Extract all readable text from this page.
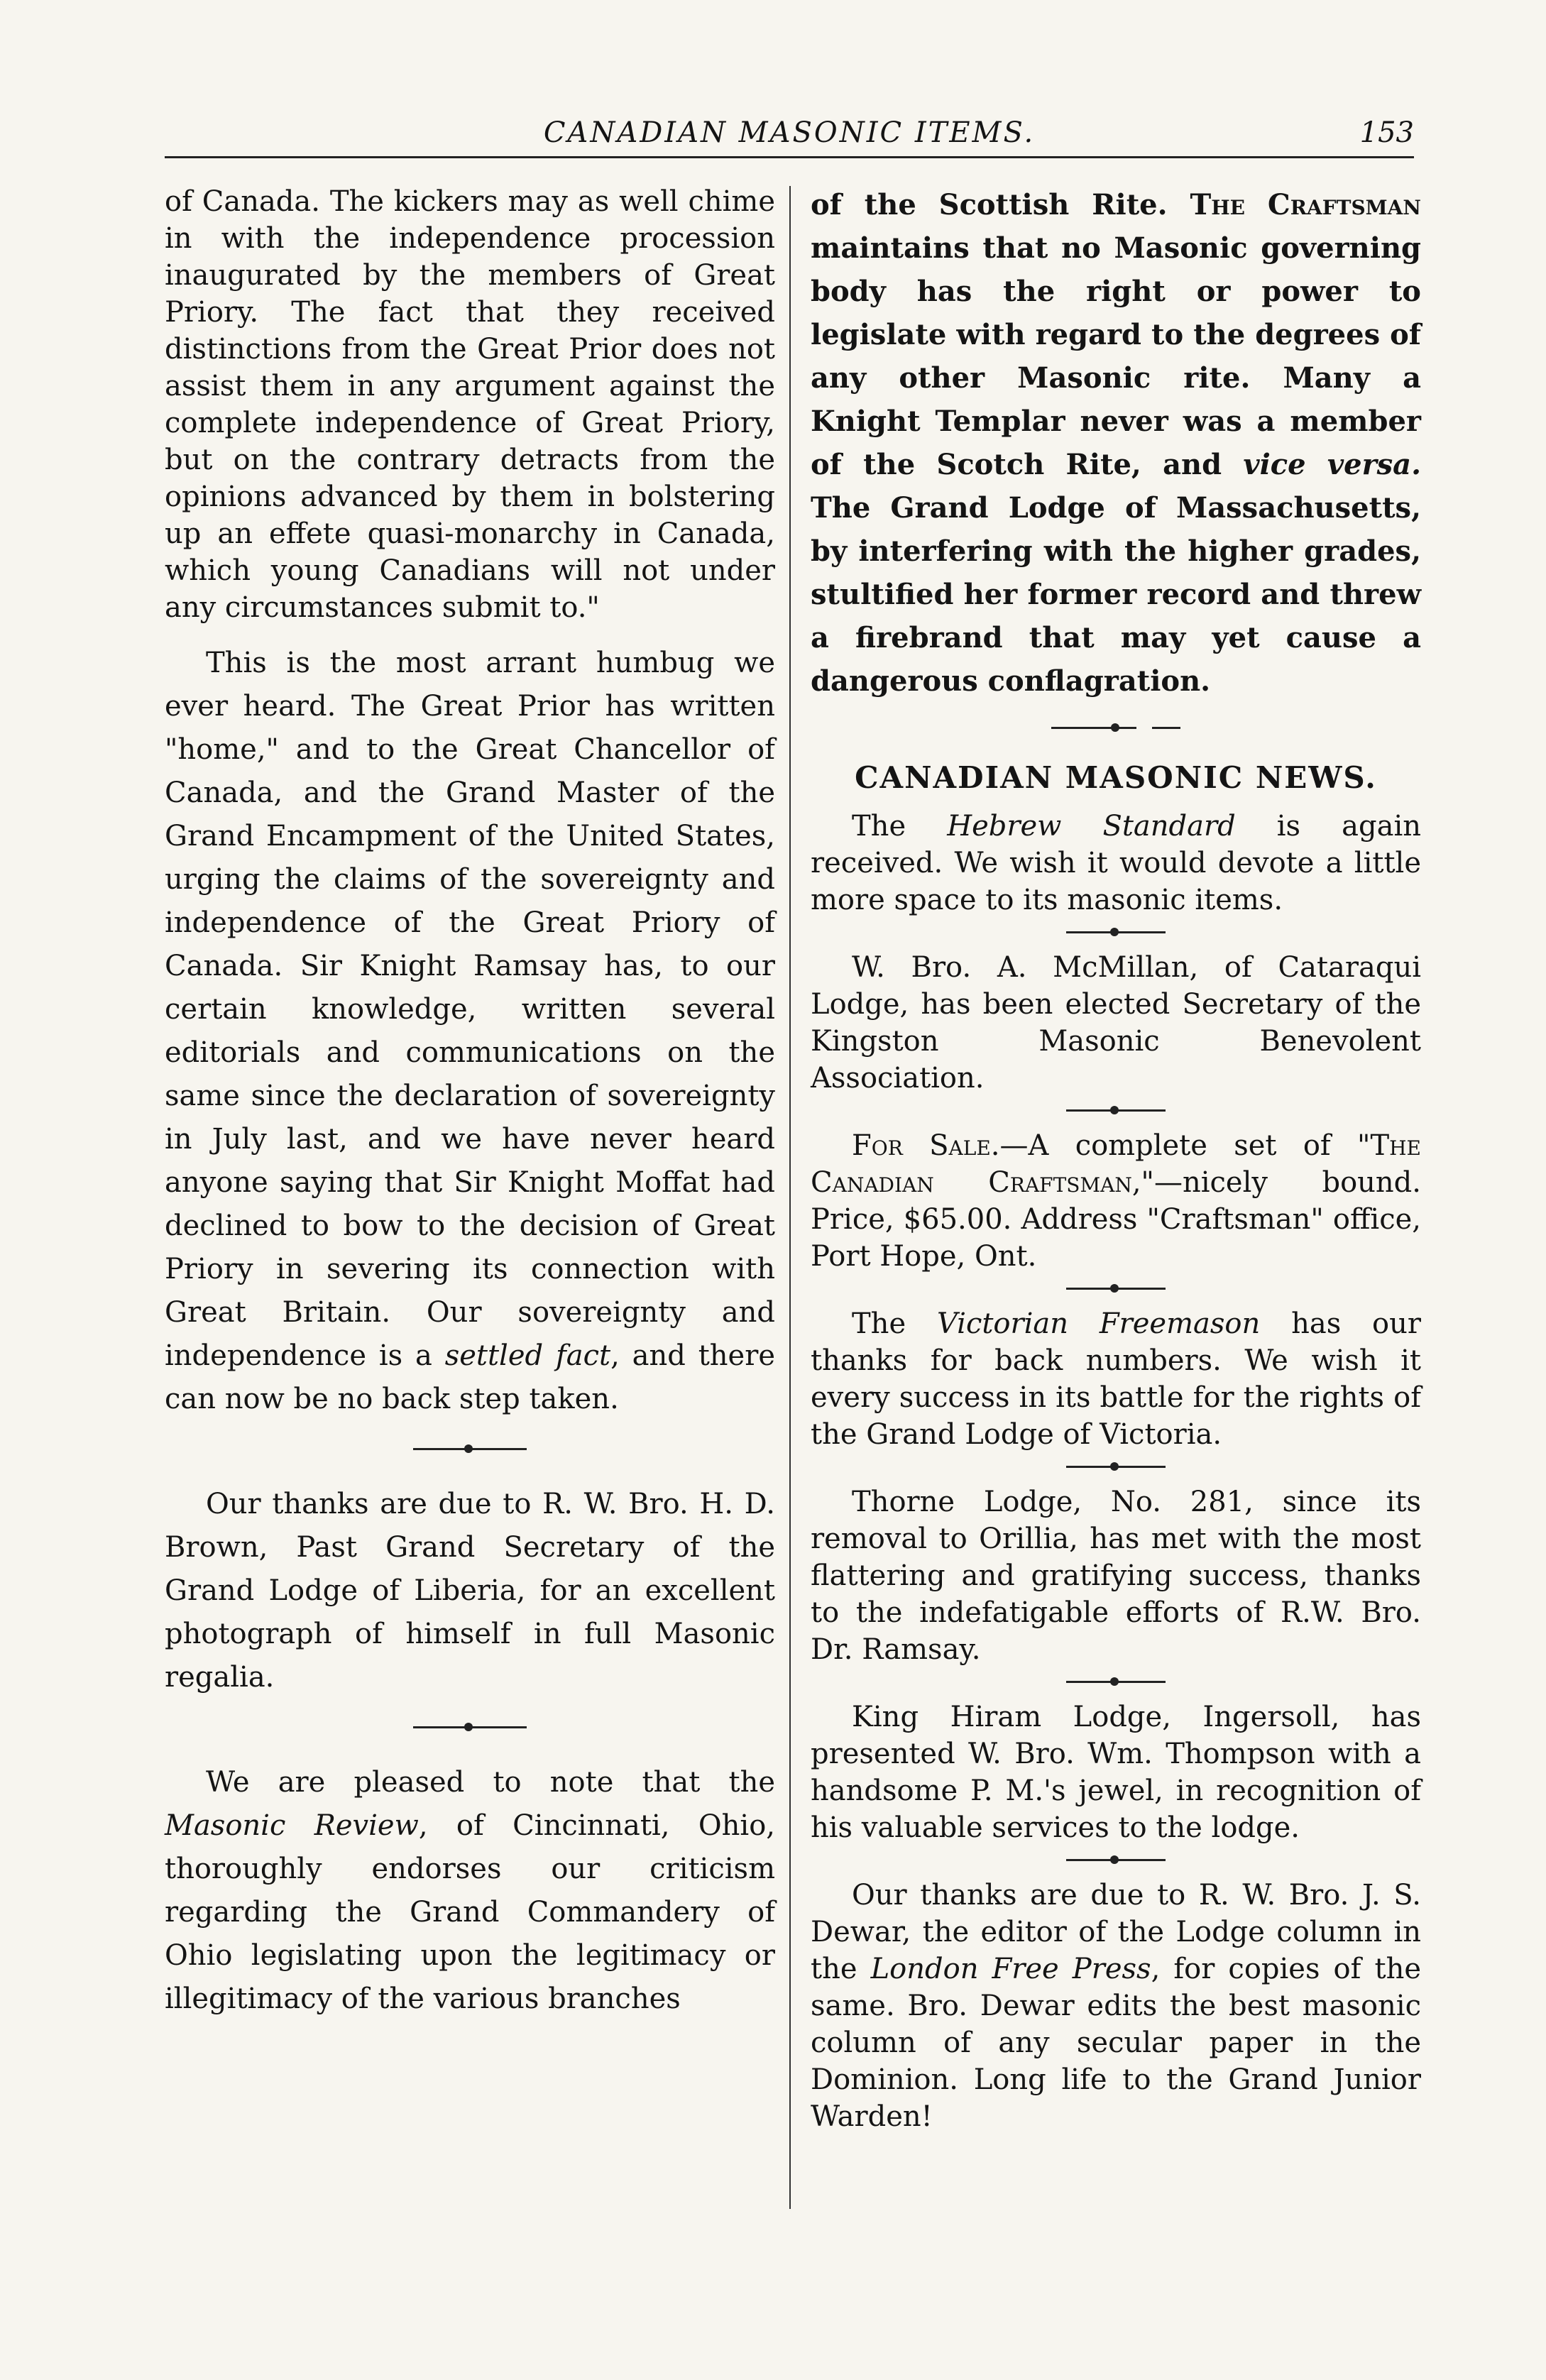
CANADIAN MASONIC ITEMS.	153

of Canada. The kickers may as well chime in with the independence procession inaugurated by the members of Great Priory. The fact that they received distinctions from the Great Prior does not assist them in any argument against the complete independence of Great Priory, but on the contrary detracts from the opinions advanced by them in bolstering up an effete quasi-monarchy in Canada, which young Canadians will not under any circumstances submit to."

This is the most arrant humbug we ever heard. The Great Prior has written "home," and to the Great Chancellor of Canada, and the Grand Master of the Grand Encampment of the United States, urging the claims of the sovereignty and independence of the Great Priory of Canada. Sir Knight Ramsay has, to our certain knowledge, written several editorials and communications on the same since the declaration of sovereignty in July last, and we have never heard anyone saying that Sir Knight Moffat had declined to bow to the decision of Great Priory in severing its connection with Great Britain. Our sovereignty and independence is a settled fact, and there can now be no back step taken.

Our thanks are due to R. W. Bro. H. D. Brown, Past Grand Secretary of the Grand Lodge of Liberia, for an excellent photograph of himself in full Masonic regalia.

We are pleased to note that the Masonic Review, of Cincinnati, Ohio, thoroughly endorses our criticism regarding the Grand Commandery of Ohio legislating upon the legitimacy or illegitimacy of the various branches

of the Scottish Rite. The Craftsman maintains that no Masonic governing body has the right or power to legislate with regard to the degrees of any other Masonic rite. Many a Knight Templar never was a member of the Scotch Rite, and vice versa. The Grand Lodge of Massachusetts, by interfering with the higher grades, stultified her former record and threw a firebrand that may yet cause a dangerous conflagration.

CANADIAN MASONIC NEWS.

The Hebrew Standard is again received. We wish it would devote a little more space to its masonic items.

W. Bro. A. McMillan, of Cataraqui Lodge, has been elected Secretary of the Kingston Masonic Benevolent Association.

For Sale.—A complete set of "The Canadian Craftsman,"—nicely bound. Price, $65.00. Address "Craftsman" office, Port Hope, Ont.

The Victorian Freemason has our thanks for back numbers. We wish it every success in its battle for the rights of the Grand Lodge of Victoria.

Thorne Lodge, No. 281, since its removal to Orillia, has met with the most flattering and gratifying success, thanks to the indefatigable efforts of R.W. Bro. Dr. Ramsay.

King Hiram Lodge, Ingersoll, has presented W. Bro. Wm. Thompson with a handsome P. M.'s jewel, in recognition of his valuable services to the lodge.

Our thanks are due to R. W. Bro. J. S. Dewar, the editor of the Lodge column in the London Free Press, for copies of the same. Bro. Dewar edits the best masonic column of any secular paper in the Dominion. Long life to the Grand Junior Warden!
